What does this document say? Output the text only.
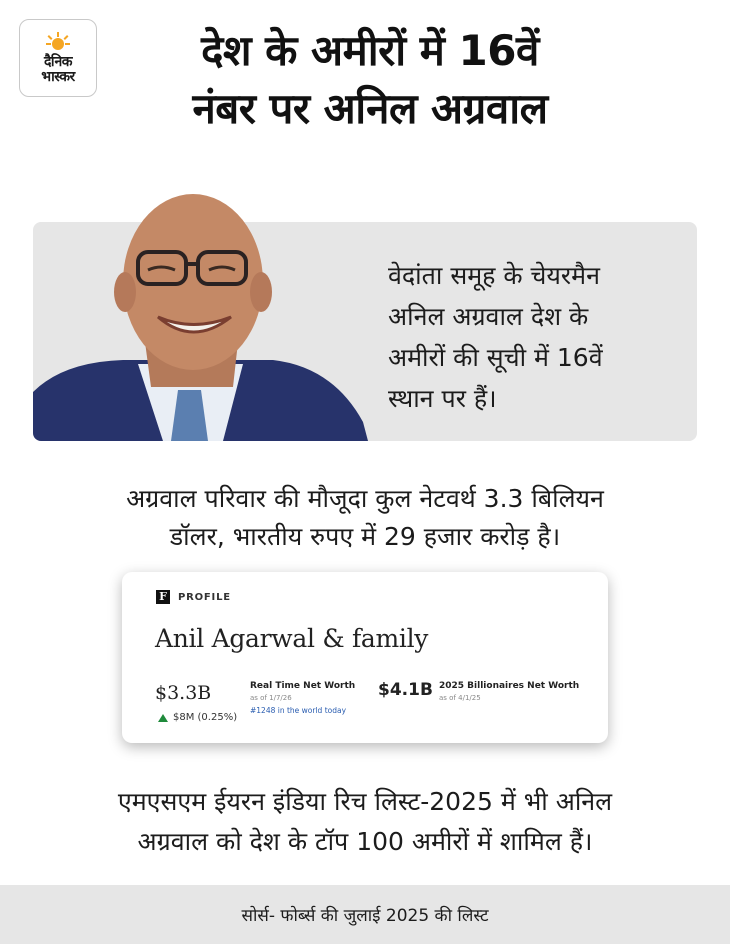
दैनिक
भास्कर
देश के अमीरों में 16वें
नंबर पर अनिल अग्रवाल
वेदांता समूह के चेयरमैन
अनिल अग्रवाल देश के
अमीरों की सूची में 16वें
स्थान पर हैं।
अग्रवाल परिवार की मौजूदा कुल नेटवर्थ 3.3 बिलियन
डॉलर, भारतीय रुपए में 29 हजार करोड़ है।
F	PROFILE
Anil Agarwal & family
$3.3B
$8M (0.25%)
Real Time Net Worth
as of 1/7/26
#1248 in the world today
$4.1B 2025 Billionaires Net Worth
as of 4/1/25
एमएसएम ईयरन इंडिया रिच लिस्ट-2025 में भी अनिल
अग्रवाल को देश के टॉप 100 अमीरों में शामिल हैं।
सोर्स- फोर्ब्स की जुलाई 2025 की लिस्ट
